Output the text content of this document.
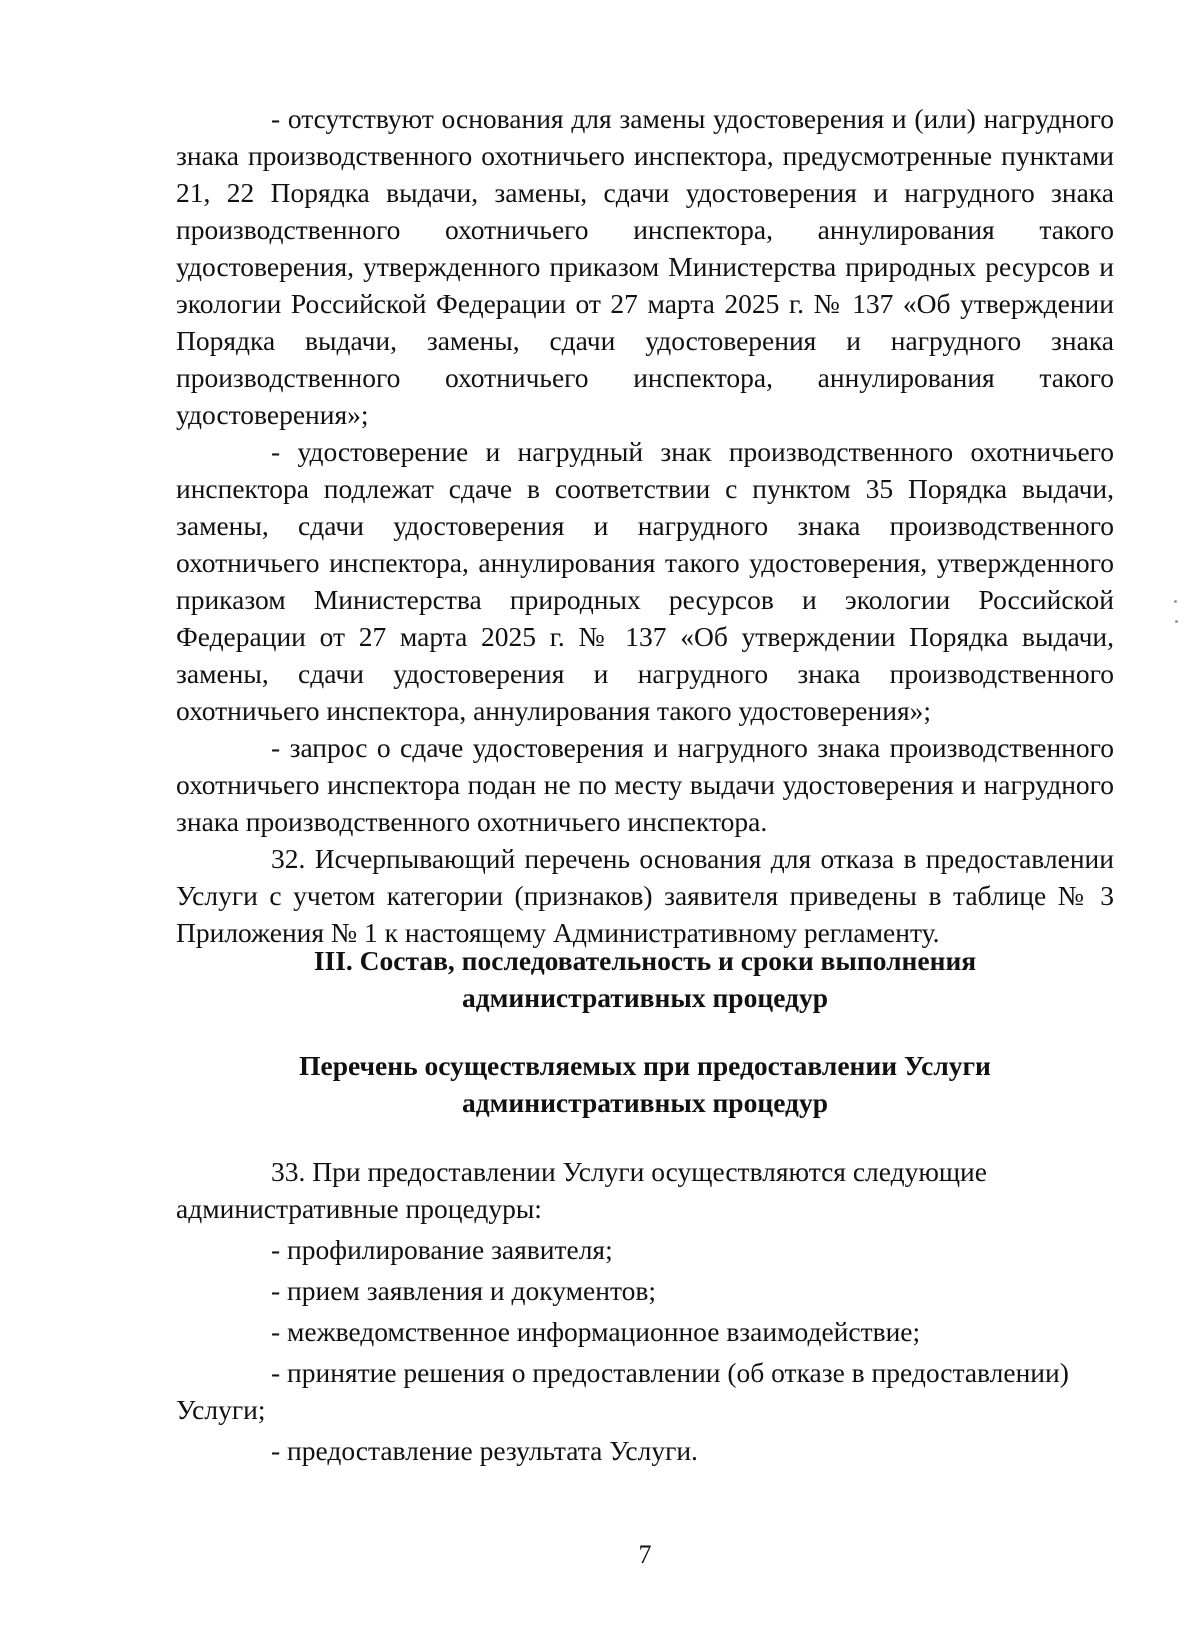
- отсутствуют основания для замены удостоверения и (или) нагрудного знака производственного охотничьего инспектора, предусмотренные пунктами 21, 22 Порядка выдачи, замены, сдачи удостоверения и нагрудного знака производственного охотничьего инспектора, аннулирования такого удостоверения, утвержденного приказом Министерства природных ресурсов и экологии Российской Федерации от 27 марта 2025 г. № 137 «Об утверждении Порядка выдачи, замены, сдачи удостоверения и нагрудного знака производственного охотничьего инспектора, аннулирования такого удостоверения»;

- удостоверение и нагрудный знак производственного охотничьего инспектора подлежат сдаче в соответствии с пунктом 35 Порядка выдачи, замены, сдачи удостоверения и нагрудного знака производственного охотничьего инспектора, аннулирования такого удостоверения, утвержденного приказом Министерства природных ресурсов и экологии Российской Федерации от 27 марта 2025 г. № 137 «Об утверждении Порядка выдачи, замены, сдачи удостоверения и нагрудного знака производственного охотничьего инспектора, аннулирования такого удостоверения»;

- запрос о сдаче удостоверения и нагрудного знака производственного охотничьего инспектора подан не по месту выдачи удостоверения и нагрудного знака производственного охотничьего инспектора.

32. Исчерпывающий перечень основания для отказа в предоставлении Услуги с учетом категории (признаков) заявителя приведены в таблице № 3 Приложения № 1 к настоящему Административному регламенту.

III. Состав, последовательность и сроки выполнения
административных процедур
Перечень осуществляемых при предоставлении Услуги
административных процедур

33. При предоставлении Услуги осуществляются следующие

административные процедуры:

- профилирование заявителя;

- прием заявления и документов;

- межведомственное информационное взаимодействие;

- принятие решения о предоставлении (об отказе в предоставлении)

Услуги;

- предоставление результата Услуги.

7
